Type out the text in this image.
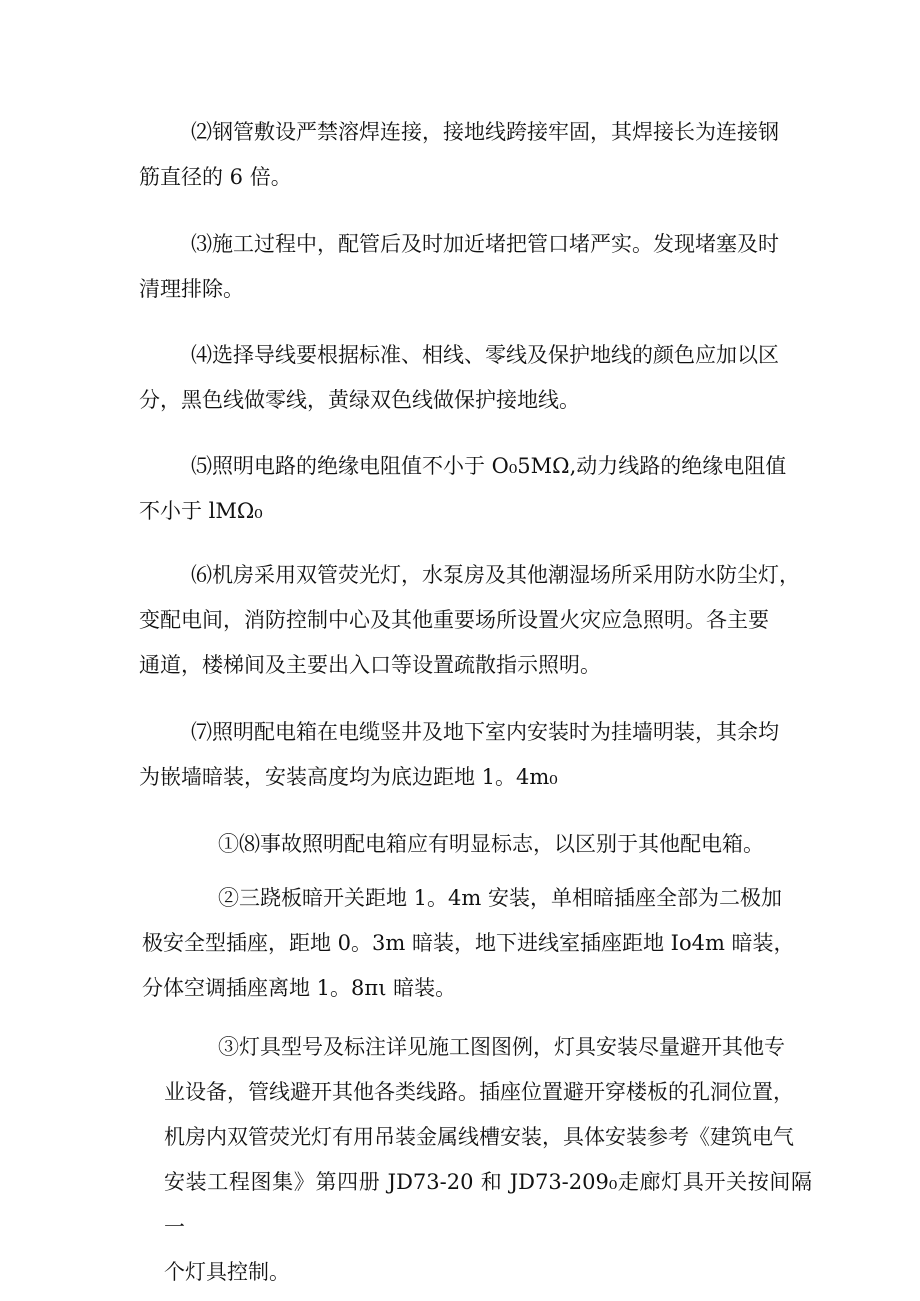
⑵钢管敷设严禁溶焊连接，接地线跨接牢固，其焊接长为连接钢
筋直径的 6 倍。
⑶施工过程中，配管后及时加近堵把管口堵严实。发现堵塞及时
清理排除。
⑷选择导线要根据标准、相线、零线及保护地线的颜色应加以区
分，黑色线做零线，黄绿双色线做保护接地线。
⑸照明电路的绝缘电阻值不小于 O₀5MΩ,动力线路的绝缘电阻值
不小于 lMΩ₀
⑹机房采用双管荧光灯，水泵房及其他潮湿场所采用防水防尘灯，
变配电间，消防控制中心及其他重要场所设置火灾应急照明。各主要
通道，楼梯间及主要出入口等设置疏散指示照明。
⑺照明配电箱在电缆竖井及地下室内安装时为挂墙明装，其余均
为嵌墙暗装，安装高度均为底边距地 1。4m₀
①⑻事故照明配电箱应有明显标志，以区别于其他配电箱。
②三跷板暗开关距地 1。4m 安装，单相暗插座全部为二极加
极安全型插座，距地 0。3m 暗装，地下进线室插座距地 Io4m 暗装，
分体空调插座离地 1。8πι 暗装。
③灯具型号及标注详见施工图图例，灯具安装尽量避开其他专
业设备，管线避开其他各类线路。插座位置避开穿楼板的孔洞位置，
机房内双管荧光灯有用吊装金属线槽安装，具体安装参考《建筑电气
安装工程图集》第四册 JD73-20 和 JD73-209₀走廊灯具开关按间隔一
个灯具控制。
